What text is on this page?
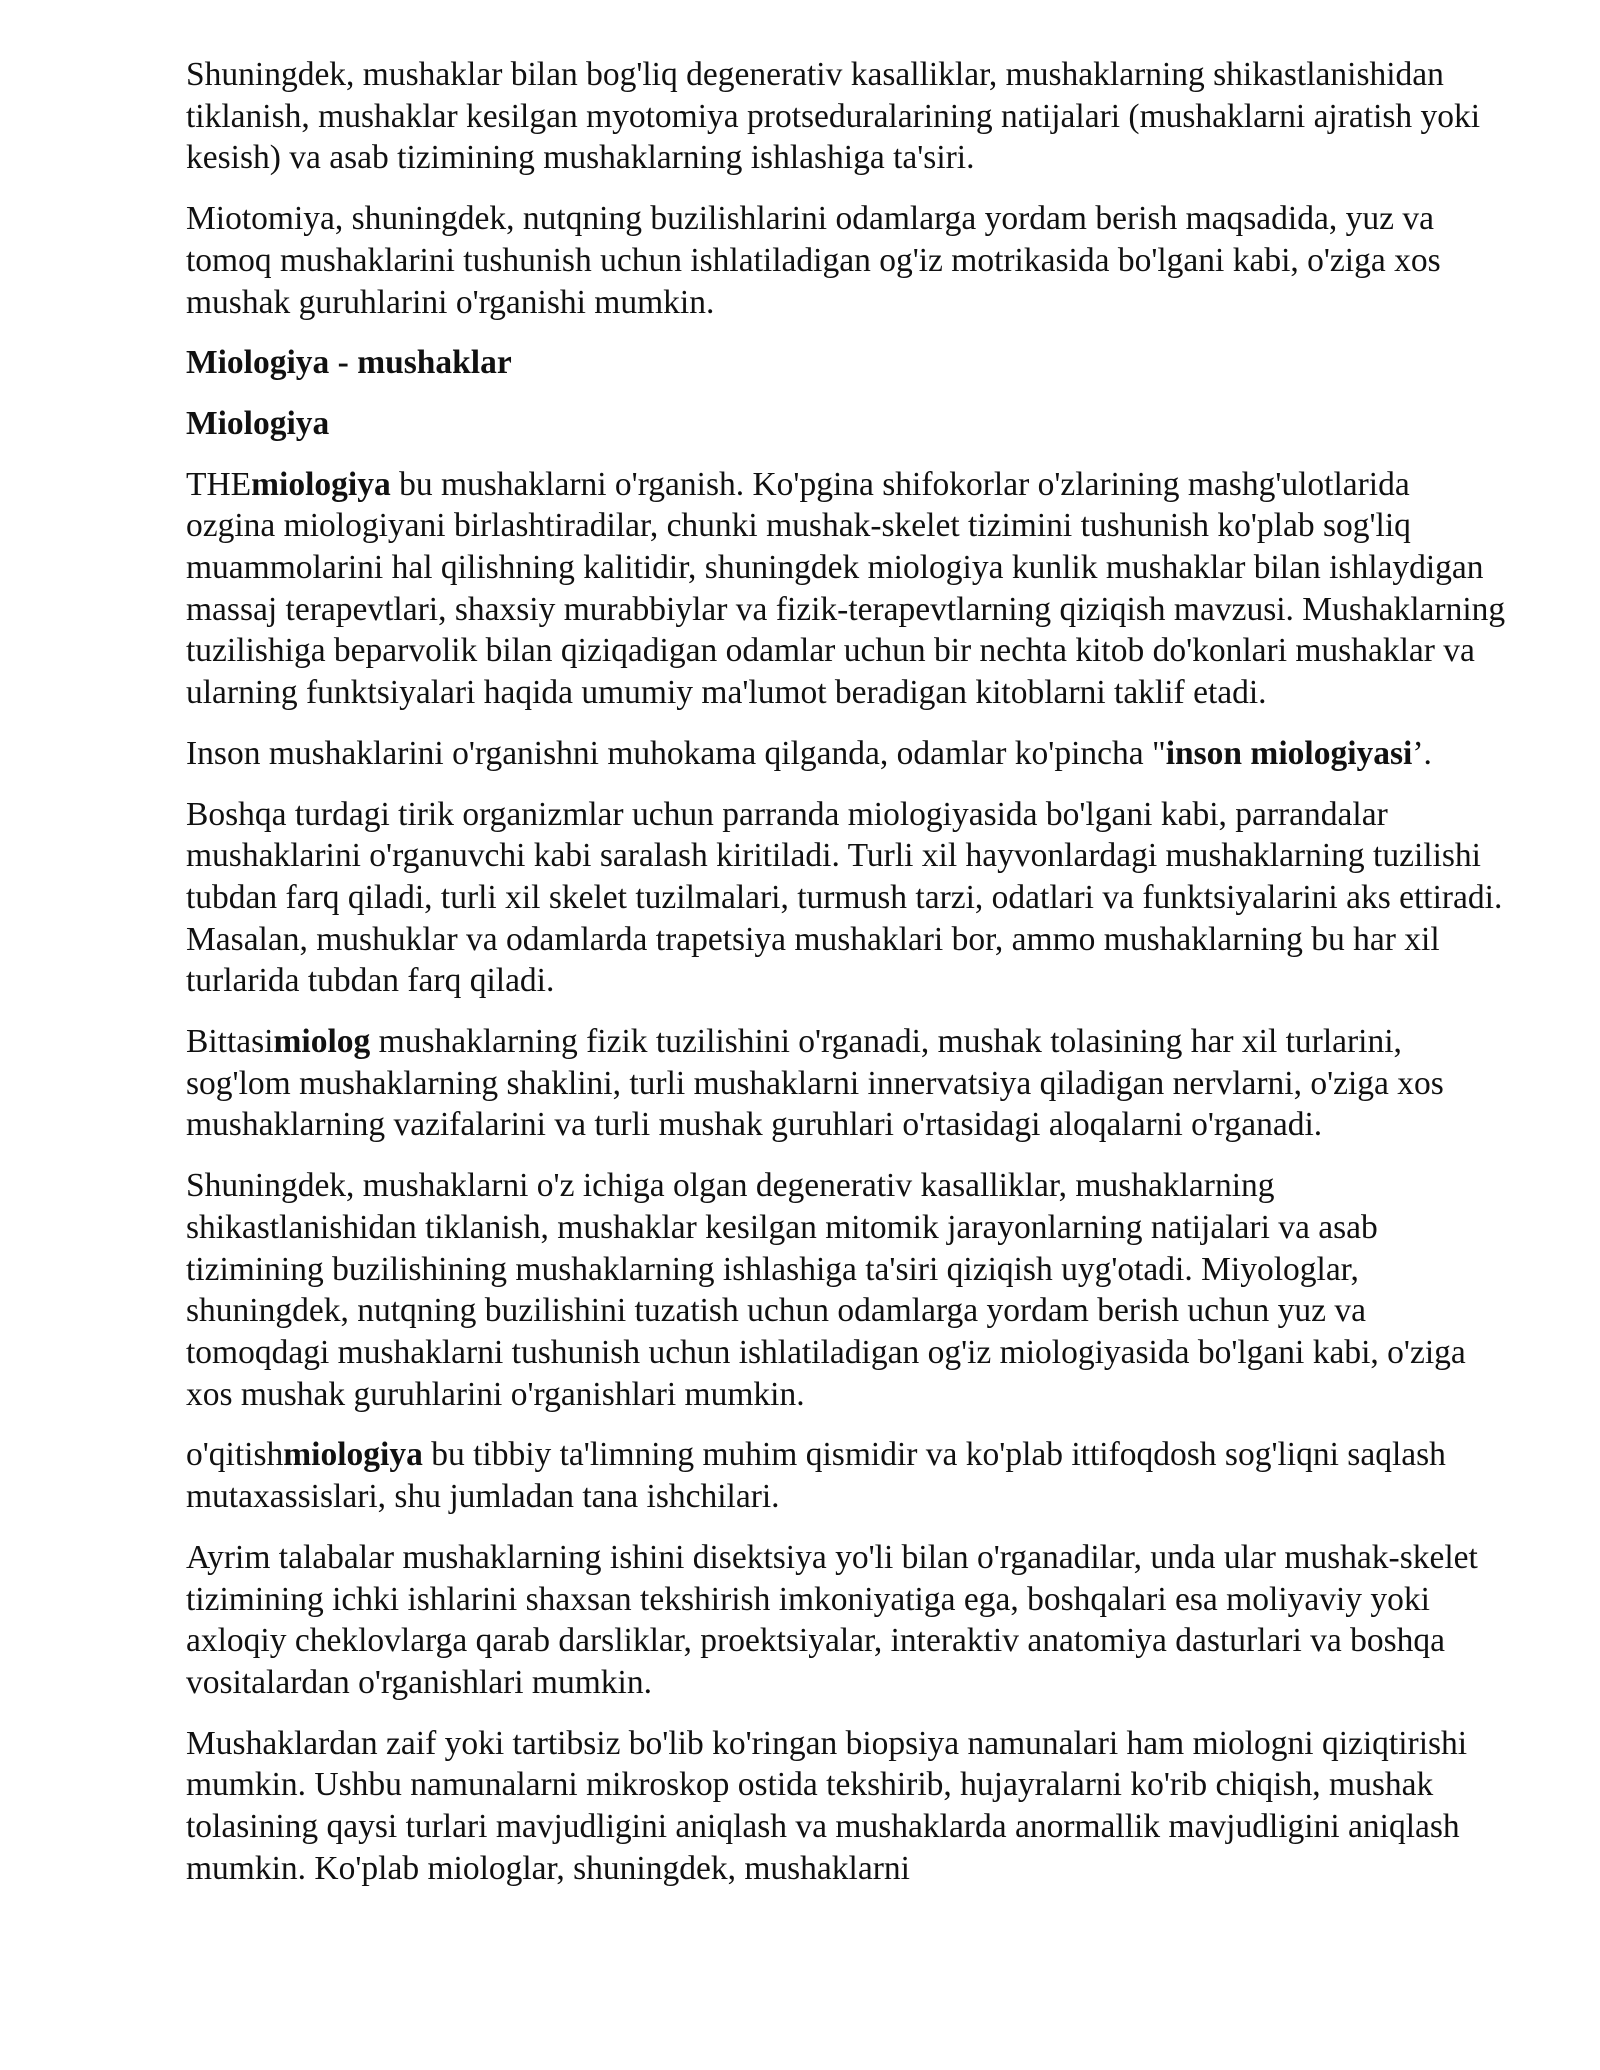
Shuningdek, mushaklar bilan bog'liq degenerativ kasalliklar, mushaklarning shikastlanishidan tiklanish, mushaklar kesilgan myotomiya protseduralarining natijalari (mushaklarni ajratish yoki kesish) va asab tizimining mushaklarning ishlashiga ta'siri.

Miotomiya, shuningdek, nutqning buzilishlarini odamlarga yordam berish maqsadida, yuz va tomoq mushaklarini tushunish uchun ishlatiladigan og'iz motrikasida bo'lgani kabi, o'ziga xos mushak guruhlarini o'rganishi mumkin.

Miologiya - mushaklar
Miologiya

THEmiologiya bu mushaklarni o'rganish. Ko'pgina shifokorlar o'zlarining mashg'ulotlarida ozgina miologiyani birlashtiradilar, chunki mushak-skelet tizimini tushunish ko'plab sog'liq muammolarini hal qilishning kalitidir, shuningdek miologiya kunlik mushaklar bilan ishlaydigan massaj terapevtlari, shaxsiy murabbiylar va fizik-terapevtlarning qiziqish mavzusi. Mushaklarning tuzilishiga beparvolik bilan qiziqadigan odamlar uchun bir nechta kitob do'konlari mushaklar va ularning funktsiyalari haqida umumiy ma'lumot beradigan kitoblarni taklif etadi.

Inson mushaklarini o'rganishni muhokama qilganda, odamlar ko'pincha "inson miologiyasi’.

Boshqa turdagi tirik organizmlar uchun parranda miologiyasida bo'lgani kabi, parrandalar mushaklarini o'rganuvchi kabi saralash kiritiladi. Turli xil hayvonlardagi mushaklarning tuzilishi tubdan farq qiladi, turli xil skelet tuzilmalari, turmush tarzi, odatlari va funktsiyalarini aks ettiradi. Masalan, mushuklar va odamlarda trapetsiya mushaklari bor, ammo mushaklarning bu har xil turlarida tubdan farq qiladi.

Bittasimiolog mushaklarning fizik tuzilishini o'rganadi, mushak tolasining har xil turlarini, sog'lom mushaklarning shaklini, turli mushaklarni innervatsiya qiladigan nervlarni, o'ziga xos mushaklarning vazifalarini va turli mushak guruhlari o'rtasidagi aloqalarni o'rganadi.

Shuningdek, mushaklarni o'z ichiga olgan degenerativ kasalliklar, mushaklarning shikastlanishidan tiklanish, mushaklar kesilgan mitomik jarayonlarning natijalari va asab tizimining buzilishining mushaklarning ishlashiga ta'siri qiziqish uyg'otadi. Miyologlar, shuningdek, nutqning buzilishini tuzatish uchun odamlarga yordam berish uchun yuz va tomoqdagi mushaklarni tushunish uchun ishlatiladigan og'iz miologiyasida bo'lgani kabi, o'ziga xos mushak guruhlarini o'rganishlari mumkin.

o'qitishmiologiya bu tibbiy ta'limning muhim qismidir va ko'plab ittifoqdosh sog'liqni saqlash mutaxassislari, shu jumladan tana ishchilari.

Ayrim talabalar mushaklarning ishini disektsiya yo'li bilan o'rganadilar, unda ular mushak-skelet tizimining ichki ishlarini shaxsan tekshirish imkoniyatiga ega, boshqalari esa moliyaviy yoki axloqiy cheklovlarga qarab darsliklar, proektsiyalar, interaktiv anatomiya dasturlari va boshqa vositalardan o'rganishlari mumkin.

Mushaklardan zaif yoki tartibsiz bo'lib ko'ringan biopsiya namunalari ham miologni qiziqtirishi mumkin. Ushbu namunalarni mikroskop ostida tekshirib, hujayralarni ko'rib chiqish, mushak tolasining qaysi turlari mavjudligini aniqlash va mushaklarda anormallik mavjudligini aniqlash mumkin. Ko'plab miologlar, shuningdek, mushaklarni
